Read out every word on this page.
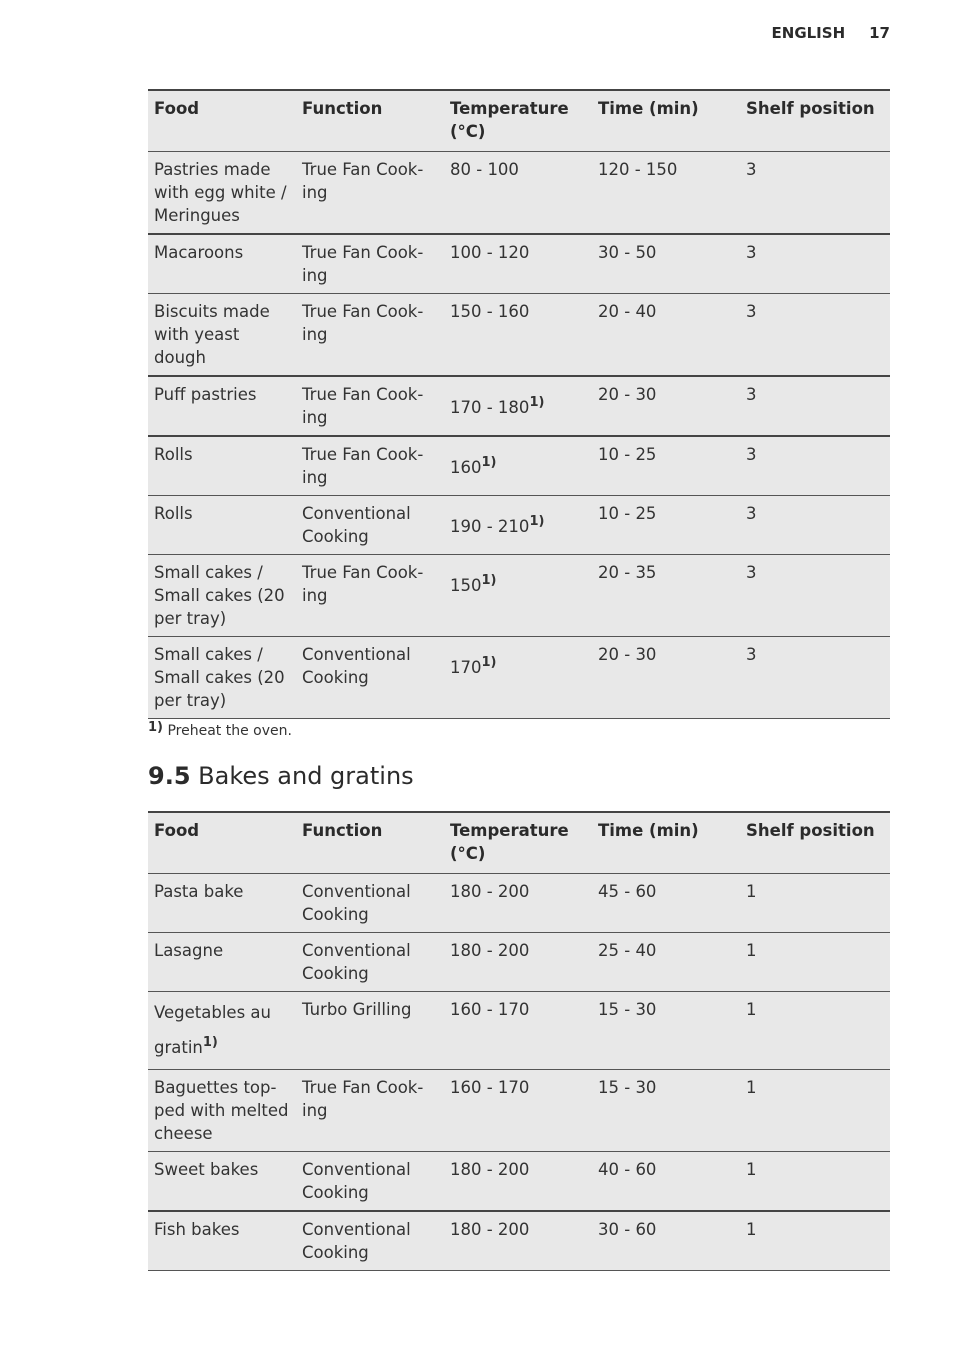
ENGLISH 17
Food	Function	Temperature (°C)	Time (min)	Shelf position
Pastries made with egg white / Meringues	True Fan Cook-ing	80 - 100	120 - 150	3
Macaroons	True Fan Cook-ing	100 - 120	30 - 50	3
Biscuits made with yeast dough	True Fan Cook-ing	150 - 160	20 - 40	3
Puff pastries	True Fan Cook-ing	170 - 180$^{1)}$	20 - 30	3
Rolls	True Fan Cook-ing	160$^{1)}$	10 - 25	3
Rolls	Conventional Cooking	190 - 210$^{1)}$	10 - 25	3
Small cakes / Small cakes (20 per tray)	True Fan Cook-ing	150$^{1)}$	20 - 35	3
Small cakes / Small cakes (20 per tray)	Conventional Cooking	170$^{1)}$	20 - 30	3
1) Preheat the oven.
9.5 Bakes and gratins
Food	Function	Temperature (°C)	Time (min)	Shelf position
Pasta bake	Conventional Cooking	180 - 200	45 - 60	1
Lasagne	Conventional Cooking	180 - 200	25 - 40	1
Vegetables au gratin$^{1)}$	Turbo Grilling	160 - 170	15 - 30	1
Baguettes top-ped with melted cheese	True Fan Cook-ing	160 - 170	15 - 30	1
Sweet bakes	Conventional Cooking	180 - 200	40 - 60	1
Fish bakes	Conventional Cooking	180 - 200	30 - 60	1
